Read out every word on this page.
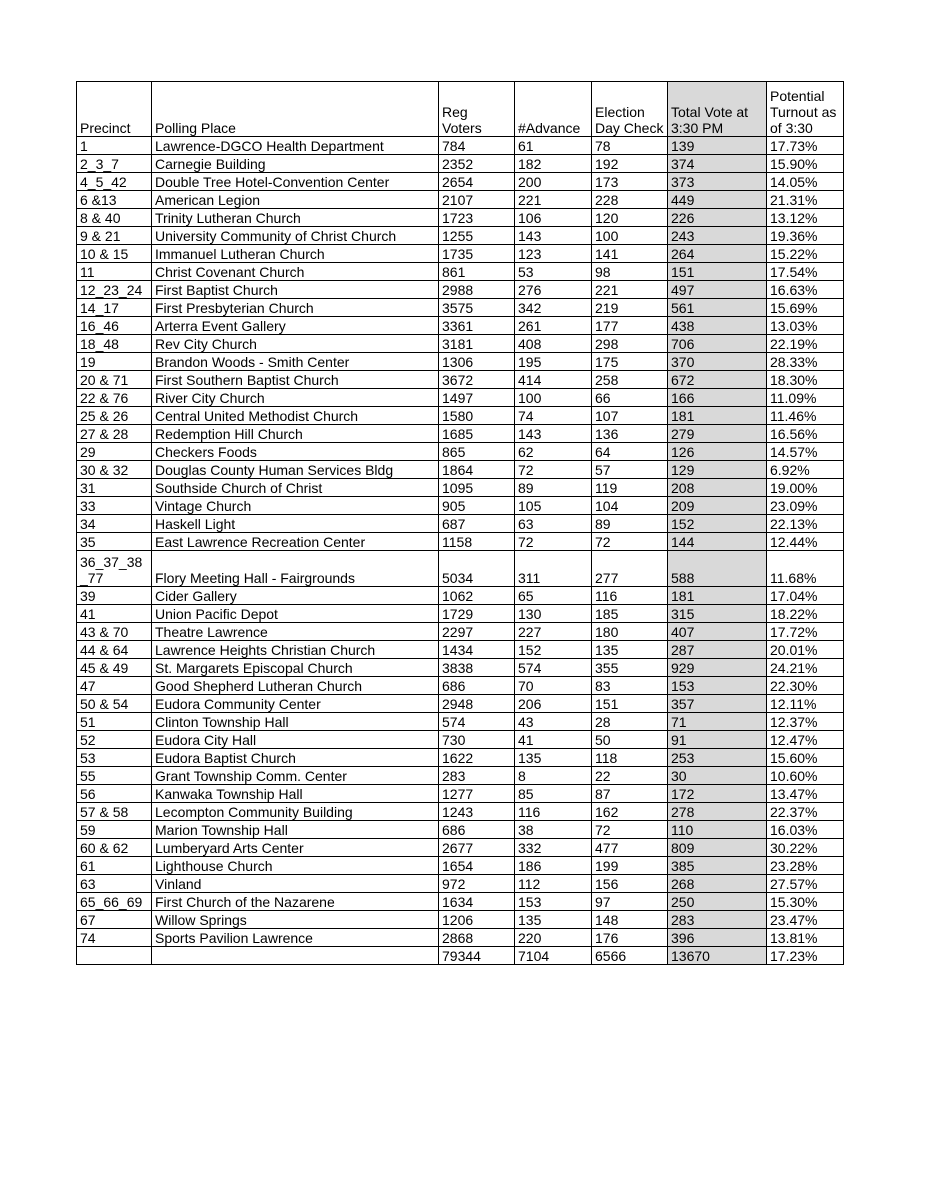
Precinct	Polling Place	Reg Voters	#Advance	Election Day Check	Total Vote at 3:30 PM	Potential Turnout as of 3:30
1	Lawrence-DGCO Health Department	784	61	78	139	17.73%
2_3_7	Carnegie Building	2352	182	192	374	15.90%
4_5_42	Double Tree Hotel-Convention Center	2654	200	173	373	14.05%
6 &13	American Legion	2107	221	228	449	21.31%
8 & 40	Trinity Lutheran Church	1723	106	120	226	13.12%
9 & 21	University Community of Christ Church	1255	143	100	243	19.36%
10 & 15	Immanuel Lutheran Church	1735	123	141	264	15.22%
11	Christ Covenant Church	861	53	98	151	17.54%
12_23_24	First Baptist Church	2988	276	221	497	16.63%
14_17	First Presbyterian Church	3575	342	219	561	15.69%
16_46	Arterra Event Gallery	3361	261	177	438	13.03%
18_48	Rev City Church	3181	408	298	706	22.19%
19	Brandon Woods - Smith Center	1306	195	175	370	28.33%
20 & 71	First Southern Baptist Church	3672	414	258	672	18.30%
22 & 76	River City Church	1497	100	66	166	11.09%
25 & 26	Central United Methodist Church	1580	74	107	181	11.46%
27 & 28	Redemption Hill Church	1685	143	136	279	16.56%
29	Checkers Foods	865	62	64	126	14.57%
30 & 32	Douglas County Human Services Bldg	1864	72	57	129	6.92%
31	Southside Church of Christ	1095	89	119	208	19.00%
33	Vintage Church	905	105	104	209	23.09%
34	Haskell Light	687	63	89	152	22.13%
35	East Lawrence Recreation Center	1158	72	72	144	12.44%
36_37_38_77	Flory Meeting Hall - Fairgrounds	5034	311	277	588	11.68%
39	Cider Gallery	1062	65	116	181	17.04%
41	Union Pacific Depot	1729	130	185	315	18.22%
43 & 70	Theatre Lawrence	2297	227	180	407	17.72%
44 & 64	Lawrence Heights Christian Church	1434	152	135	287	20.01%
45 & 49	St. Margarets Episcopal Church	3838	574	355	929	24.21%
47	Good Shepherd Lutheran Church	686	70	83	153	22.30%
50 & 54	Eudora Community Center	2948	206	151	357	12.11%
51	Clinton Township Hall	574	43	28	71	12.37%
52	Eudora City Hall	730	41	50	91	12.47%
53	Eudora Baptist Church	1622	135	118	253	15.60%
55	Grant Township Comm. Center	283	8	22	30	10.60%
56	Kanwaka Township Hall	1277	85	87	172	13.47%
57 & 58	Lecompton Community Building	1243	116	162	278	22.37%
59	Marion Township Hall	686	38	72	110	16.03%
60 & 62	Lumberyard Arts Center	2677	332	477	809	30.22%
61	Lighthouse Church	1654	186	199	385	23.28%
63	Vinland	972	112	156	268	27.57%
65_66_69	First Church of the Nazarene	1634	153	97	250	15.30%
67	Willow Springs	1206	135	148	283	23.47%
74	Sports Pavilion Lawrence	2868	220	176	396	13.81%
		79344	7104	6566	13670	17.23%
